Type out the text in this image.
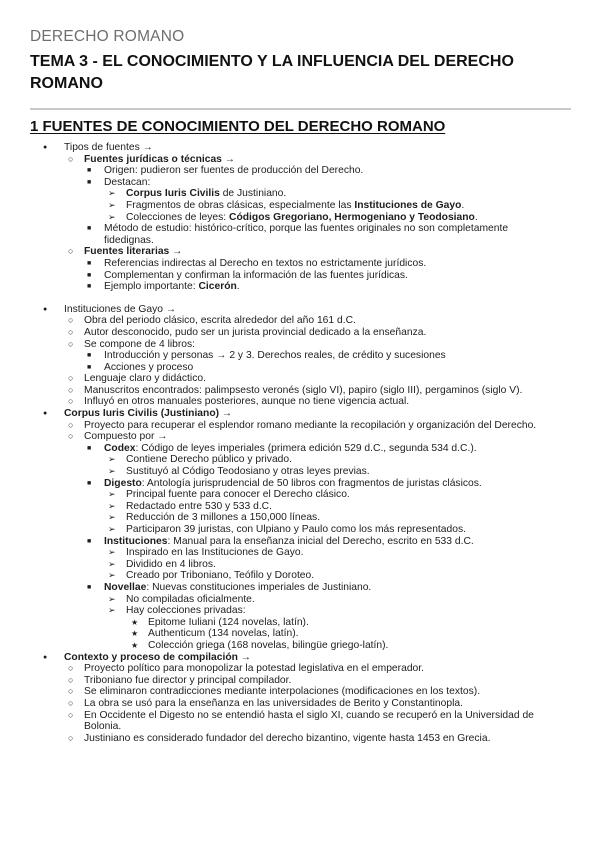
DERECHO ROMANO
TEMA 3 - EL CONOCIMIENTO Y LA INFLUENCIA DEL DERECHO ROMANO
1 FUENTES DE CONOCIMIENTO DEL DERECHO ROMANO
● Tipos de fuentes →
○ Fuentes jurídicas o técnicas →
■ Origen: pudieron ser fuentes de producción del Derecho.
■ Destacan:
➢ Corpus Iuris Civilis de Justiniano.
➢ Fragmentos de obras clásicas, especialmente las Instituciones de Gayo.
➢ Colecciones de leyes: Códigos Gregoriano, Hermogeniano y Teodosiano.
■ Método de estudio: histórico-crítico, porque las fuentes originales no son completamente fidedignas.
○ Fuentes literarias →
■ Referencias indirectas al Derecho en textos no estrictamente jurídicos.
■ Complementan y confirman la información de las fuentes jurídicas.
■ Ejemplo importante: Cicerón.
● Instituciones de Gayo →
○ Obra del periodo clásico, escrita alrededor del año 161 d.C.
○ Autor desconocido, pudo ser un jurista provincial dedicado a la enseñanza.
○ Se compone de 4 libros:
■ Introducción y personas → 2 y 3. Derechos reales, de crédito y sucesiones
■ Acciones y proceso
○ Lenguaje claro y didáctico.
○ Manuscritos encontrados: palimpsesto veronés (siglo VI), papiro (siglo III), pergaminos (siglo V).
○ Influyó en otros manuales posteriores, aunque no tiene vigencia actual.
● Corpus Iuris Civilis (Justiniano) →
○ Proyecto para recuperar el esplendor romano mediante la recopilación y organización del Derecho.
○ Compuesto por →
■ Codex: Código de leyes imperiales (primera edición 529 d.C., segunda 534 d.C.).
➢ Contiene Derecho público y privado.
➢ Sustituyó al Código Teodosiano y otras leyes previas.
■ Digesto: Antología jurisprudencial de 50 libros con fragmentos de juristas clásicos.
➢ Principal fuente para conocer el Derecho clásico.
➢ Redactado entre 530 y 533 d.C.
➢ Reducción de 3 millones a 150,000 líneas.
➢ Participaron 39 juristas, con Ulpiano y Paulo como los más representados.
■ Instituciones: Manual para la enseñanza inicial del Derecho, escrito en 533 d.C.
➢ Inspirado en las Instituciones de Gayo.
➢ Dividido en 4 libros.
➢ Creado por Triboniano, Teófilo y Doroteo.
■ Novellae: Nuevas constituciones imperiales de Justiniano.
➢ No compiladas oficialmente.
➢ Hay colecciones privadas:
★ Epitome Iuliani (124 novelas, latín).
★ Authenticum (134 novelas, latín).
★ Colección griega (168 novelas, bilingüe griego-latín).
● Contexto y proceso de compilación →
○ Proyecto político para monopolizar la potestad legislativa en el emperador.
○ Triboniano fue director y principal compilador.
○ Se eliminaron contradicciones mediante interpolaciones (modificaciones en los textos).
○ La obra se usó para la enseñanza en las universidades de Berito y Constantinopla.
○ En Occidente el Digesto no se entendió hasta el siglo XI, cuando se recuperó en la Universidad de Bolonia.
○ Justiniano es considerado fundador del derecho bizantino, vigente hasta 1453 en Grecia.
